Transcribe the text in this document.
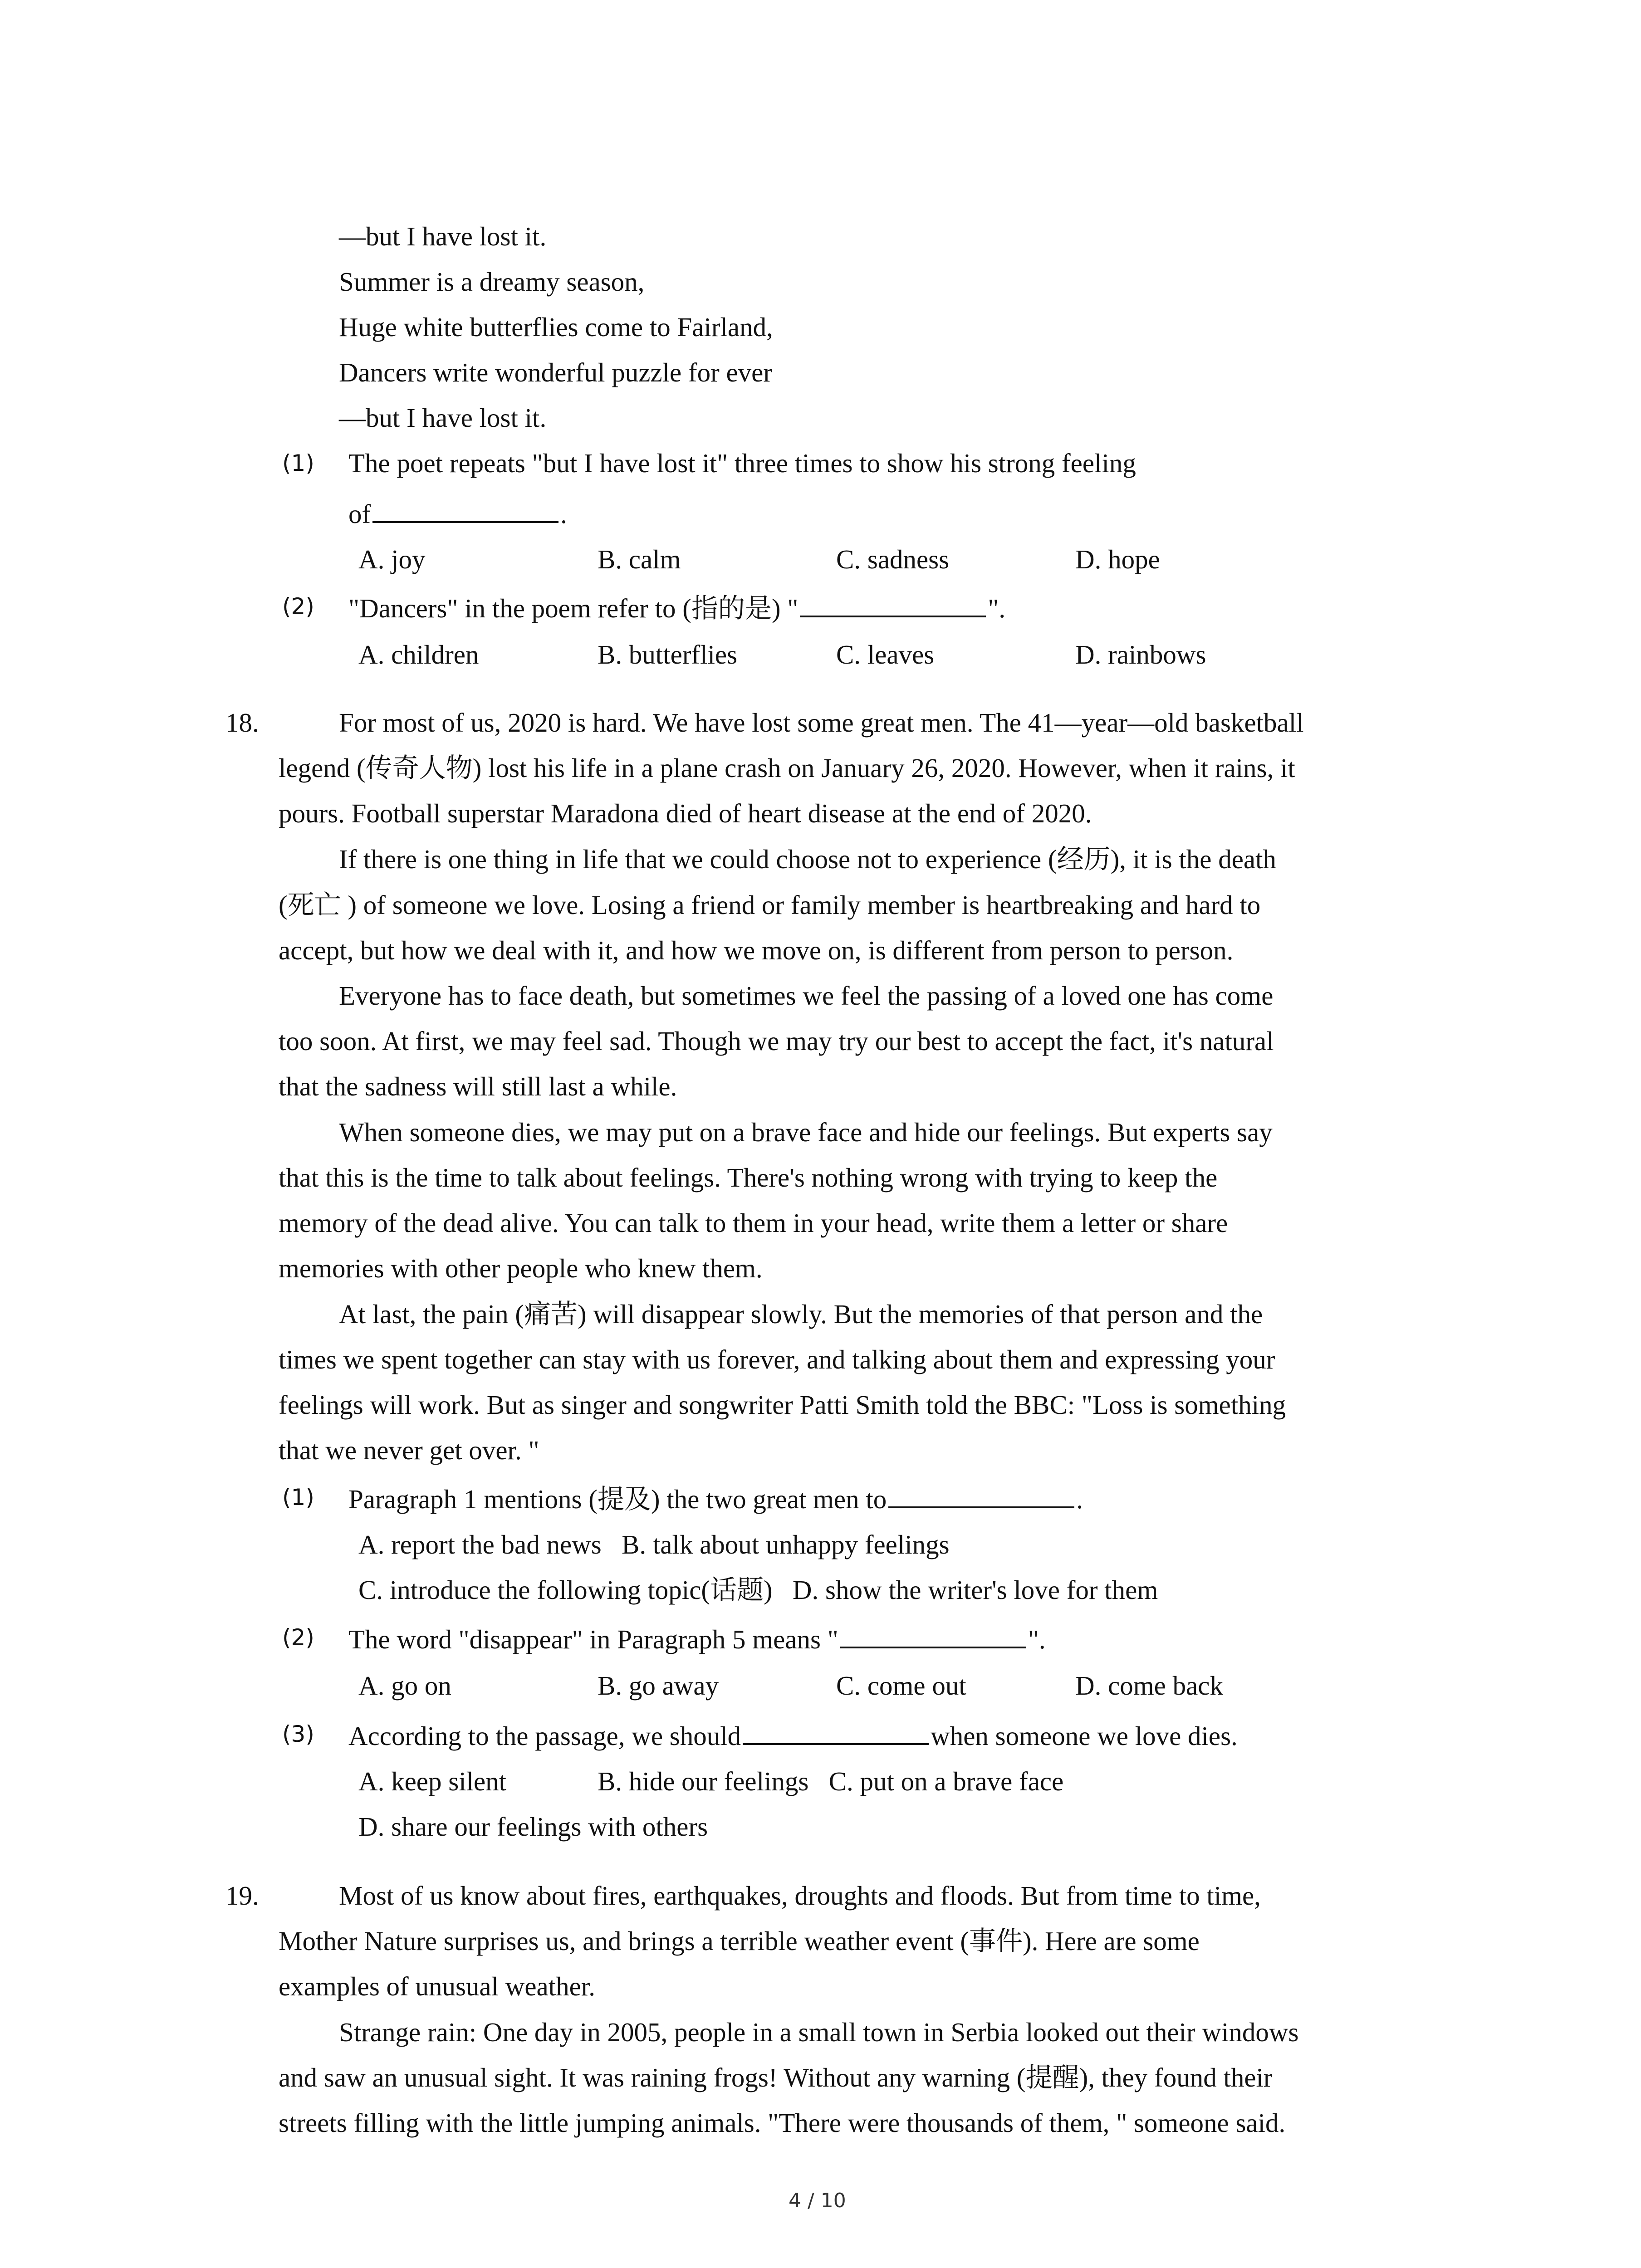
—but I have lost it.
Summer is a dreamy season,
Huge white butterflies come to Fairland,
Dancers write wonderful puzzle for ever
—but I have lost it.
(1) The poet repeats "but I have lost it" three times to show his strong feeling
of	.
A. joy	B. calm	C. sadness	D. hope
(2) "Dancers" in the poem refer to (指的是) "	".
A. children	B. butterflies	C. leaves	D. rainbows
18.	For most of us, 2020 is hard. We have lost some great men. The 41—year—old basketball
legend (传奇人物) lost his life in a plane crash on January 26, 2020. However, when it rains, it
pours. Football superstar Maradona died of heart disease at the end of 2020.
If there is one thing in life that we could choose not to experience (经历), it is the death
(死亡 ) of someone we love. Losing a friend or family member is heartbreaking and hard to
accept, but how we deal with it, and how we move on, is different from person to person.
Everyone has to face death, but sometimes we feel the passing of a loved one has come
too soon. At first, we may feel sad. Though we may try our best to accept the fact, it's natural
that the sadness will still last a while.
When someone dies, we may put on a brave face and hide our feelings. But experts say
that this is the time to talk about feelings. There's nothing wrong with trying to keep the
memory of the dead alive. You can talk to them in your head, write them a letter or share
memories with other people who knew them.
At last, the pain (痛苦) will disappear slowly. But the memories of that person and the
times we spent together can stay with us forever, and talking about them and expressing your
feelings will work. But as singer and songwriter Patti Smith told the BBC: "Loss is something
that we never get over. "
(1) Paragraph 1 mentions (提及) the two great men to	.
A. report the bad news   B. talk about unhappy feelings
C. introduce the following topic(话题)   D. show the writer's love for them
(2) The word "disappear" in Paragraph 5 means "	".
A. go on	B. go away	C. come out	D. come back
(3) According to the passage, we should	when someone we love dies.
A. keep silent	B. hide our feelings   C. put on a brave face
D. share our feelings with others
19.	Most of us know about fires, earthquakes, droughts and floods. But from time to time,
Mother Nature surprises us, and brings a terrible weather event (事件). Here are some
examples of unusual weather.
Strange rain: One day in 2005, people in a small town in Serbia looked out their windows
and saw an unusual sight. It was raining frogs! Without any warning (提醒), they found their
streets filling with the little jumping animals. "There were thousands of them, " someone said.
4 / 10
